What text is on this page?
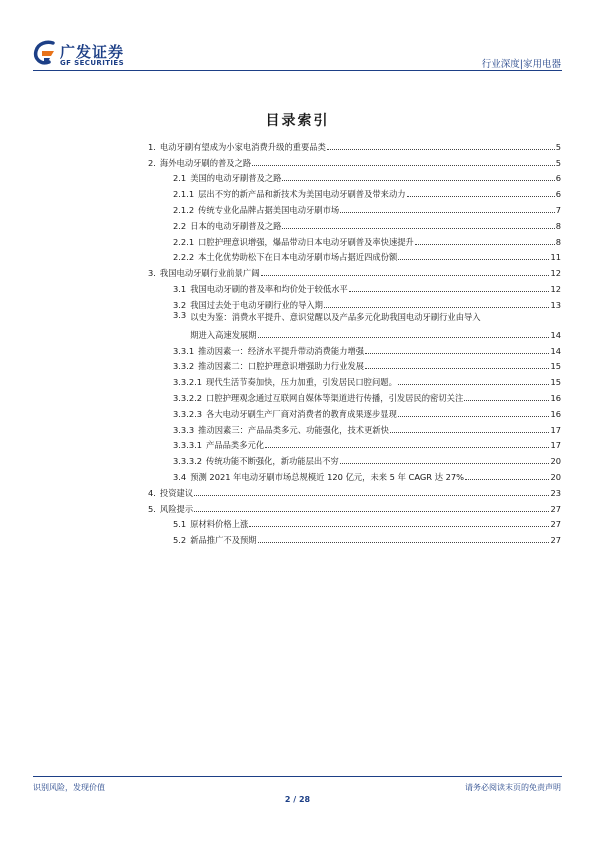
广发证券
GF SECURITIES	行业深度|家用电器
目录索引
1. 电动牙刷有望成为小家电消费升级的重要品类	5
2. 海外电动牙刷的普及之路	5
2.1 美国的电动牙刷普及之路	6
2.1.1 层出不穷的新产品和新技术为美国电动牙刷普及带来动力	6
2.1.2 传统专业化品牌占据美国电动牙刷市场	7
2.2 日本的电动牙刷普及之路	8
2.2.1 口腔护理意识增强，爆品带动日本电动牙刷普及率快速提升	8
2.2.2 本土化优势助松下在日本电动牙刷市场占据近四成份额	11
3. 我国电动牙刷行业前景广阔	12
3.1 我国电动牙刷的普及率和均价处于较低水平	12
3.2 我国过去处于电动牙刷行业的导入期	13
3.3 以史为鉴：消费水平提升、意识觉醒以及产品多元化助我国电动牙刷行业由导入
期进入高速发展期	14
3.3.1 推动因素一：经济水平提升带动消费能力增强	14
3.3.2 推动因素二：口腔护理意识增强助力行业发展	15
3.3.2.1 现代生活节奏加快，压力加重，引发居民口腔问题。	15
3.3.2.2 口腔护理观念通过互联网自媒体等渠道进行传播，引发居民的密切关注	16
3.3.2.3 各大电动牙刷生产厂商对消费者的教育成果逐步显现	16
3.3.3 推动因素三：产品品类多元、功能强化，技术更新快	17
3.3.3.1 产品品类多元化	17
3.3.3.2 传统功能不断强化，新功能层出不穷	20
3.4 预测 2021 年电动牙刷市场总规模近 120 亿元，未来 5 年 CAGR 达 27%	20
4. 投资建议	23
5. 风险提示	27
5.1 原材料价格上涨	27
5.2 新品推广不及预期	27
识别风险，发现价值	请务必阅读末页的免责声明
2 / 28
